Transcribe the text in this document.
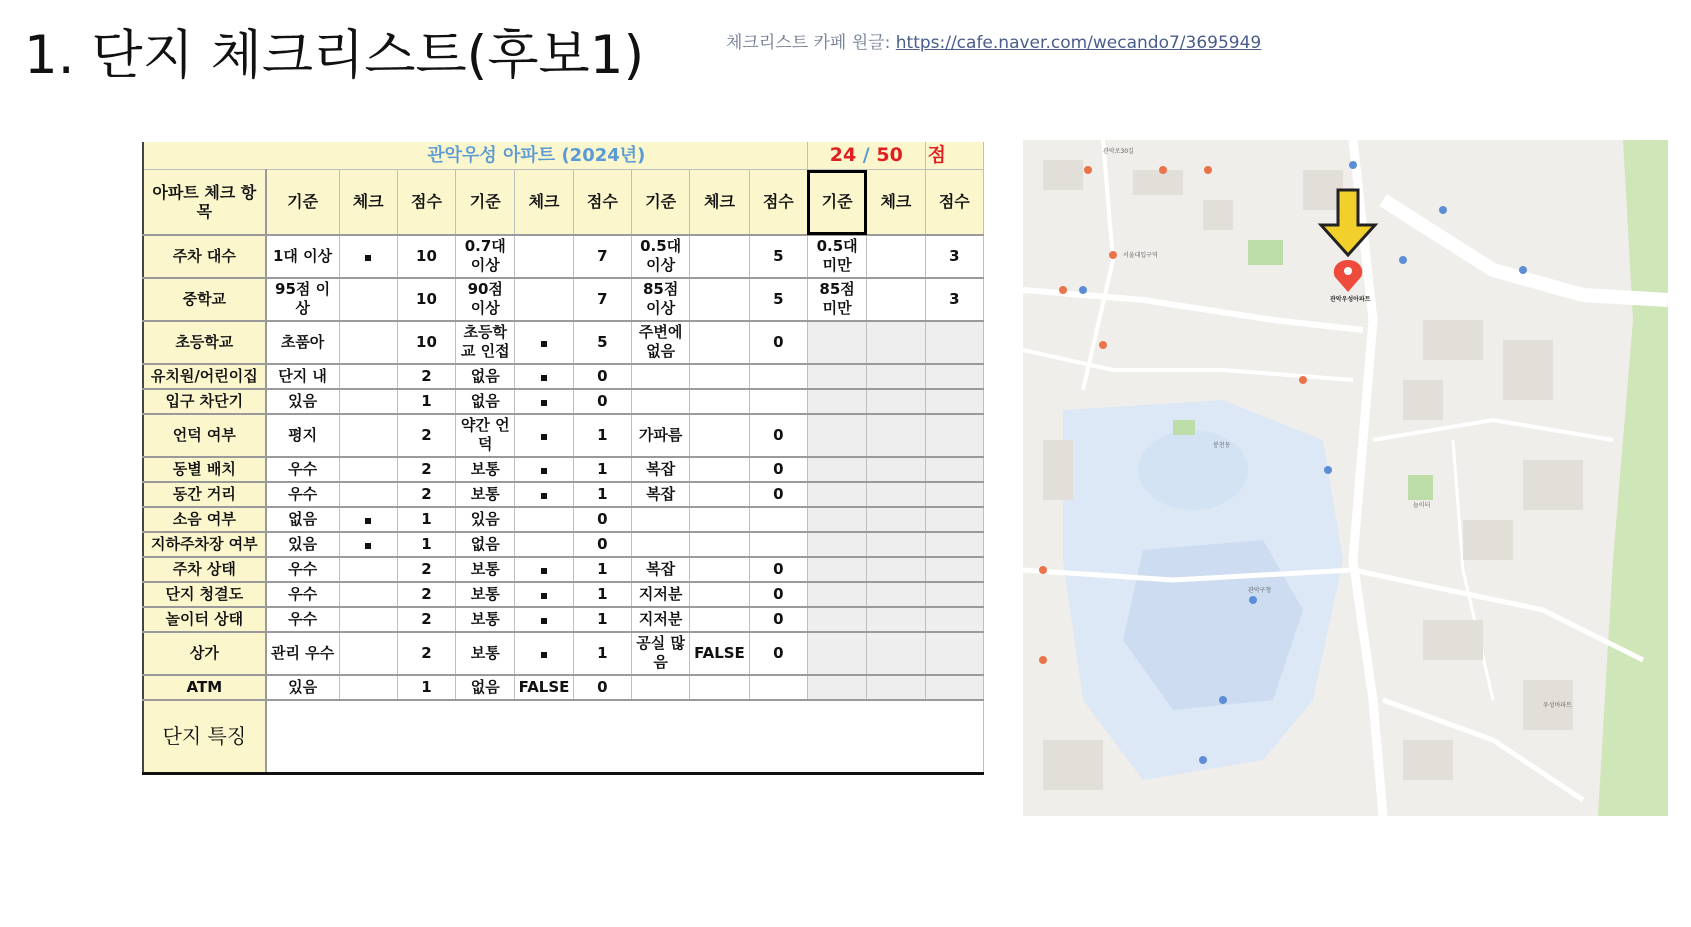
1. 단지 체크리스트(후보1)	체크리스트 카페 원글: https://cafe.naver.com/wecando7/3695949
	관악우성 아파트 (2024년)									24 / 50		점
아파트 체크 항목	기준	체크	점수	기준	체크	점수	기준	체크	점수	기준	체크	점수
주차 대수	1대 이상		10	0.7대 이상		7	0.5대 이상		5	0.5대 미만		3
중학교	95점 이상		10	90점 이상		7	85점 이상		5	85점 미만		3
초등학교	초품아		10	초등학교 인접		5	주변에 없음		0			
유치원/어린이집	단지 내		2	없음		0						
입구 차단기	있음		1	없음		0						
언덕 여부	평지		2	약간 언덕		1	가파름		0			
동별 배치	우수		2	보통		1	복잡		0			
동간 거리	우수		2	보통		1	복잡		0			
소음 여부	없음		1	있음		0						
지하주차장 여부	있음		1	없음		0						
주차 상태	우수		2	보통		1	복잡		0			
단지 청결도	우수		2	보통		1	지저분		0			
놀이터 상태	우수		2	보통		1	지저분		0			
상가	관리 우수		2	보통		1	공실 많음	FALSE	0			
ATM	있음		1	없음	FALSE	0						
단지 특징												
관악우성아파트
관악로30길
서울대입구역
봉천동
관악구청
놀이터
우성아파트
